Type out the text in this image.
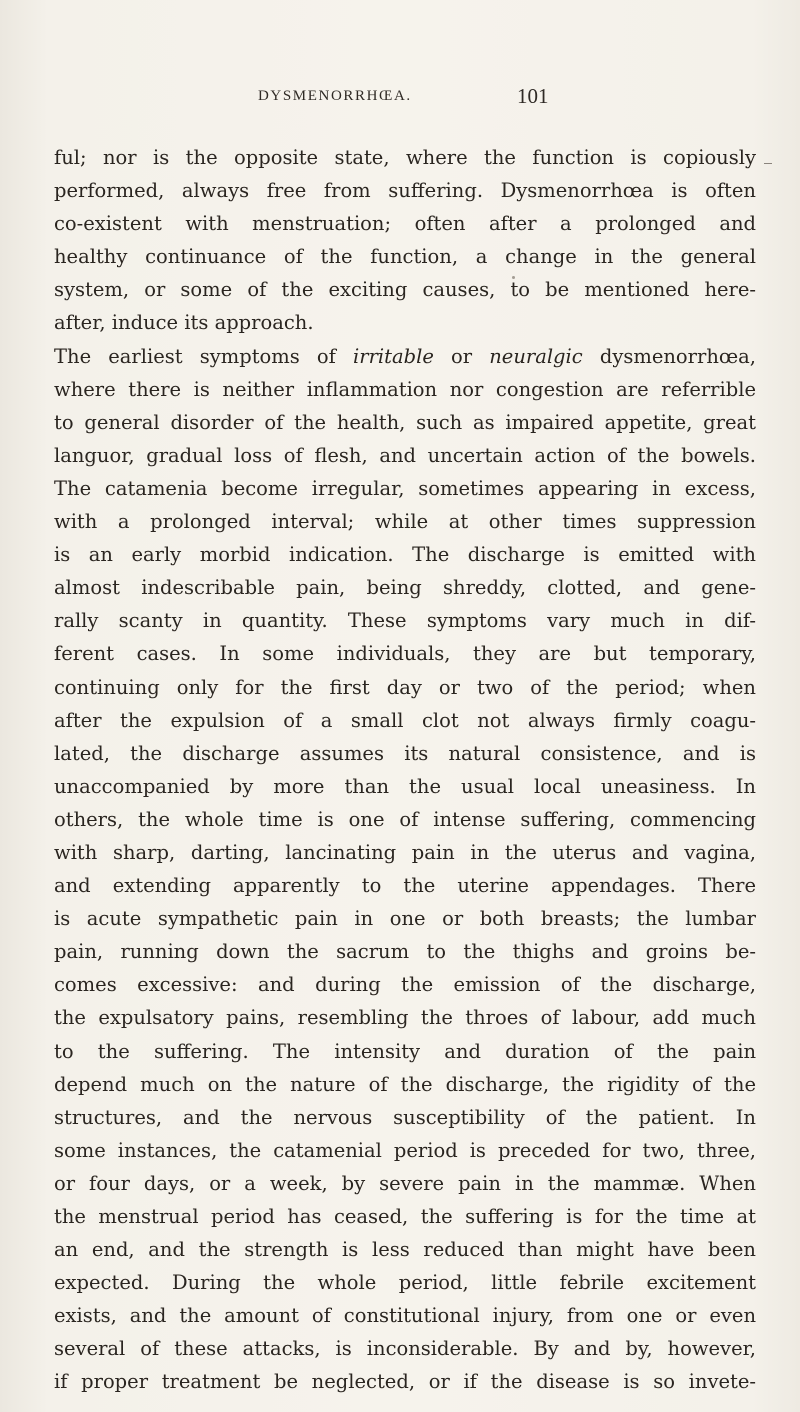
DYSMENORRHŒA.	101
ful; nor is the opposite state, where the function is copiously
performed, always free from suffering. Dysmenorrhœa is often
co-existent with menstruation; often after a prolonged and
healthy continuance of the function, a change in the general
system, or some of the exciting causes, to be mentioned here-
after, induce its approach.
The earliest symptoms of irritable or neuralgic dysmenorrhœa,
where there is neither inflammation nor congestion are referrible
to general disorder of the health, such as impaired appetite, great
languor, gradual loss of flesh, and uncertain action of the bowels.
The catamenia become irregular, sometimes appearing in excess,
with a prolonged interval; while at other times suppression
is an early morbid indication. The discharge is emitted with
almost indescribable pain, being shreddy, clotted, and gene-
rally scanty in quantity. These symptoms vary much in dif-
ferent cases. In some individuals, they are but temporary,
continuing only for the first day or two of the period; when
after the expulsion of a small clot not always firmly coagu-
lated, the discharge assumes its natural consistence, and is
unaccompanied by more than the usual local uneasiness. In
others, the whole time is one of intense suffering, commencing
with sharp, darting, lancinating pain in the uterus and vagina,
and extending apparently to the uterine appendages. There
is acute sympathetic pain in one or both breasts; the lumbar
pain, running down the sacrum to the thighs and groins be-
comes excessive: and during the emission of the discharge,
the expulsatory pains, resembling the throes of labour, add much
to the suffering. The intensity and duration of the pain
depend much on the nature of the discharge, the rigidity of the
structures, and the nervous susceptibility of the patient. In
some instances, the catamenial period is preceded for two, three,
or four days, or a week, by severe pain in the mammæ. When
the menstrual period has ceased, the suffering is for the time at
an end, and the strength is less reduced than might have been
expected. During the whole period, little febrile excitement
exists, and the amount of constitutional injury, from one or even
several of these attacks, is inconsiderable. By and by, however,
if proper treatment be neglected, or if the disease is so invete-
